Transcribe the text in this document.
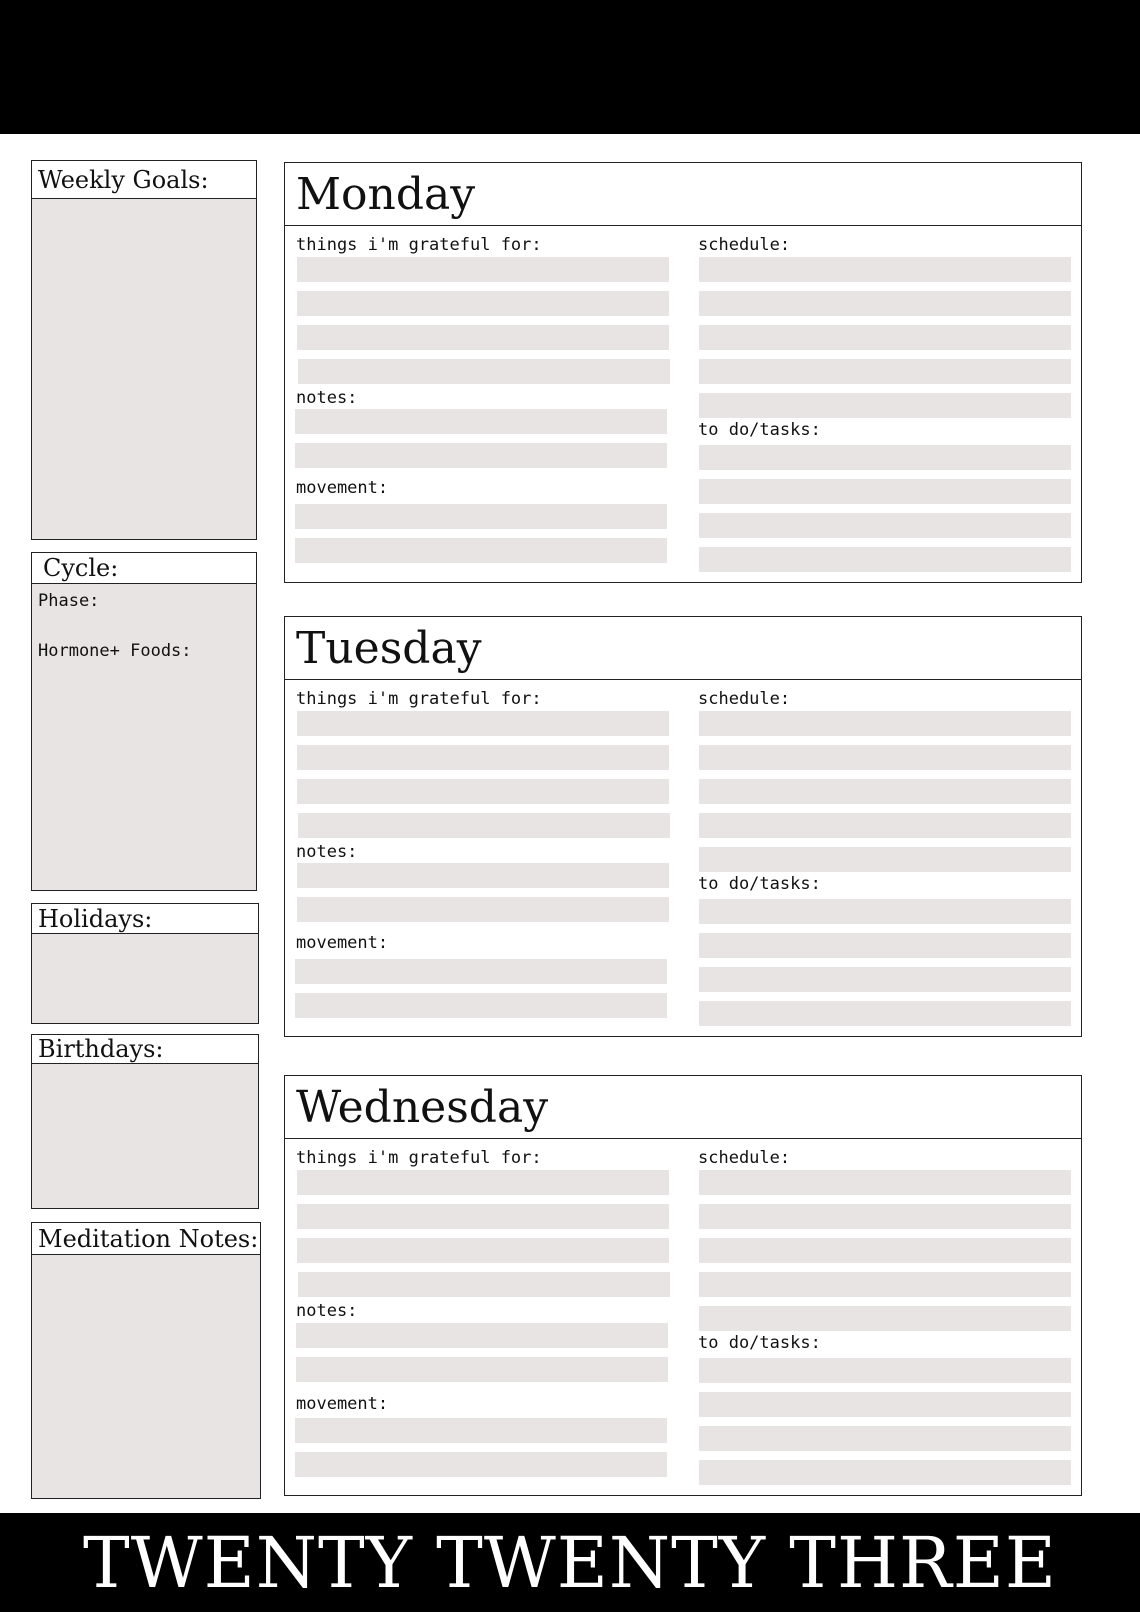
Weekly Goals:
Cycle:
Phase:
Hormone+ Foods:
Holidays:
Birthdays:
Meditation Notes:
Monday
things i'm grateful for:	schedule:
notes:
to do/tasks:
movement:
Tuesday
things i'm grateful for:	schedule:
notes:
to do/tasks:
movement:
Wednesday
things i'm grateful for:	schedule:
notes:
to do/tasks:
movement:
TWENTY TWENTY THREE
